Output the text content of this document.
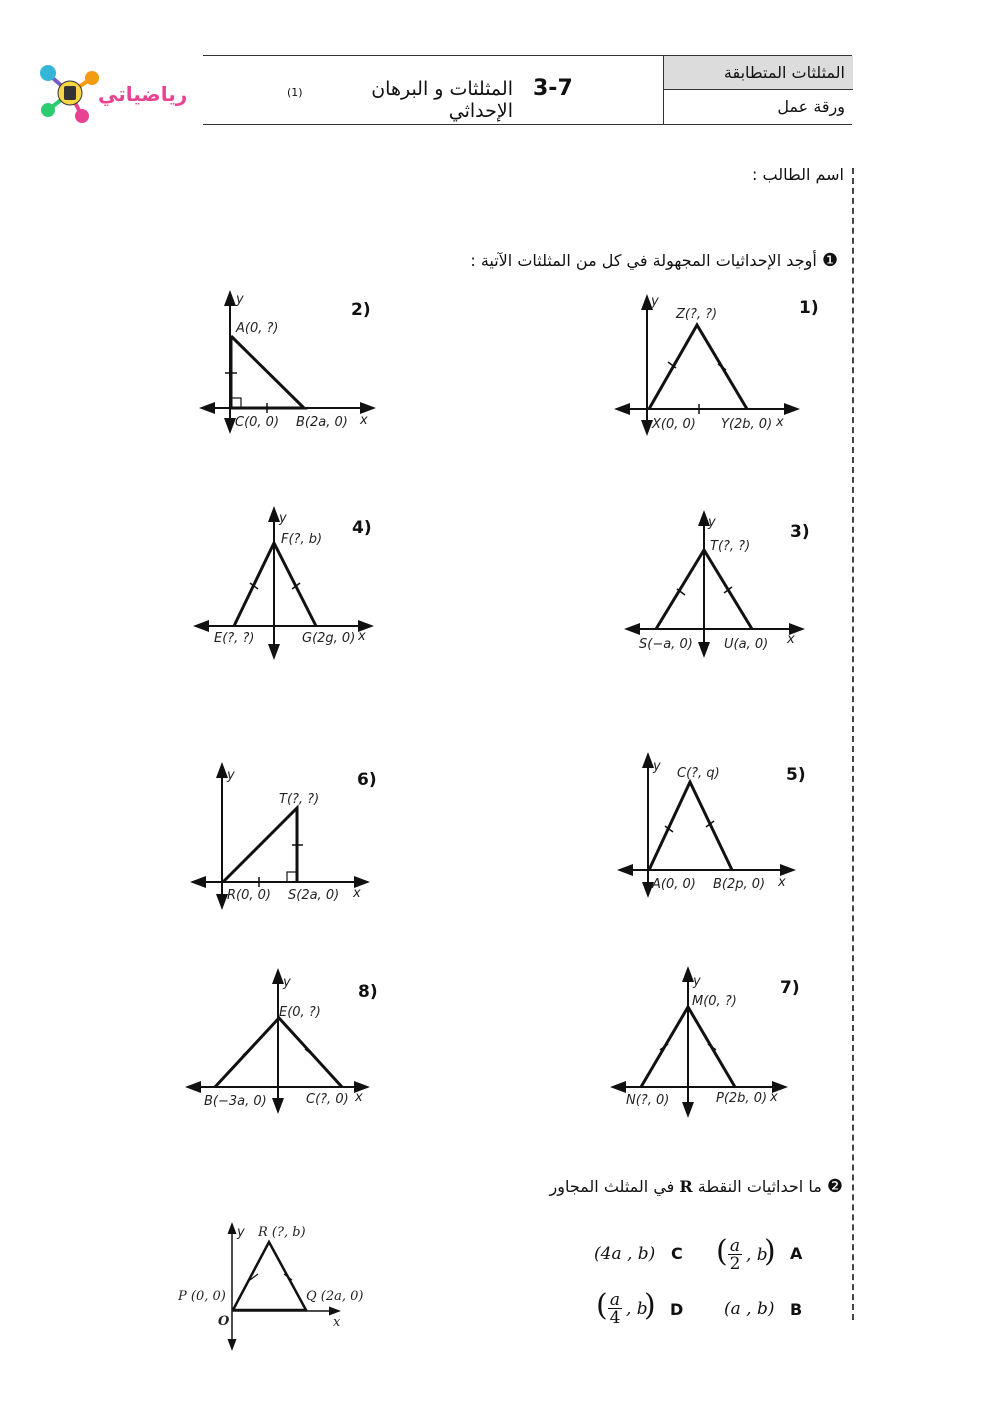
رياضياتي	3-7
المثلثات و البرهان الإحداثي
(1)
المثلثات المتطابقة
ورقة عمل
اسم الطالب :
❶ أوجد الإحداثيات المجهولة في كل من المثلثات الآتية :
(1
(2
(3
(4
(5
(6
(7
(8
y
Z(?, ?)
X(0, 0) Y(2b, 0) x
y
A(0, ?)
C(0, 0) B(2a, 0) x
y
T(?, ?)
S(−a, 0) U(a, 0) x
y
F(?, b)
E(?, ?)	G(2g, 0) x
y C(?, q)
A(0, 0) B(2p, 0) x
y
T(?, ?)
R(0, 0) S(2a, 0) x
y
M(0, ?)
N(?, 0)	P(2b, 0) x
y
E(0, ?)
B(−3a, 0)	C(?, 0) x
y R (?, b)
P (0, 0)	Q (2a, 0)
O	x
❷ ما احداثيات النقطة R في المثلث المجاور
A
( $\frac{a}{2}$ , b
)
B
(a , b)
C
(4a , b)
D
( $\frac{a}{4}$ , b
)
